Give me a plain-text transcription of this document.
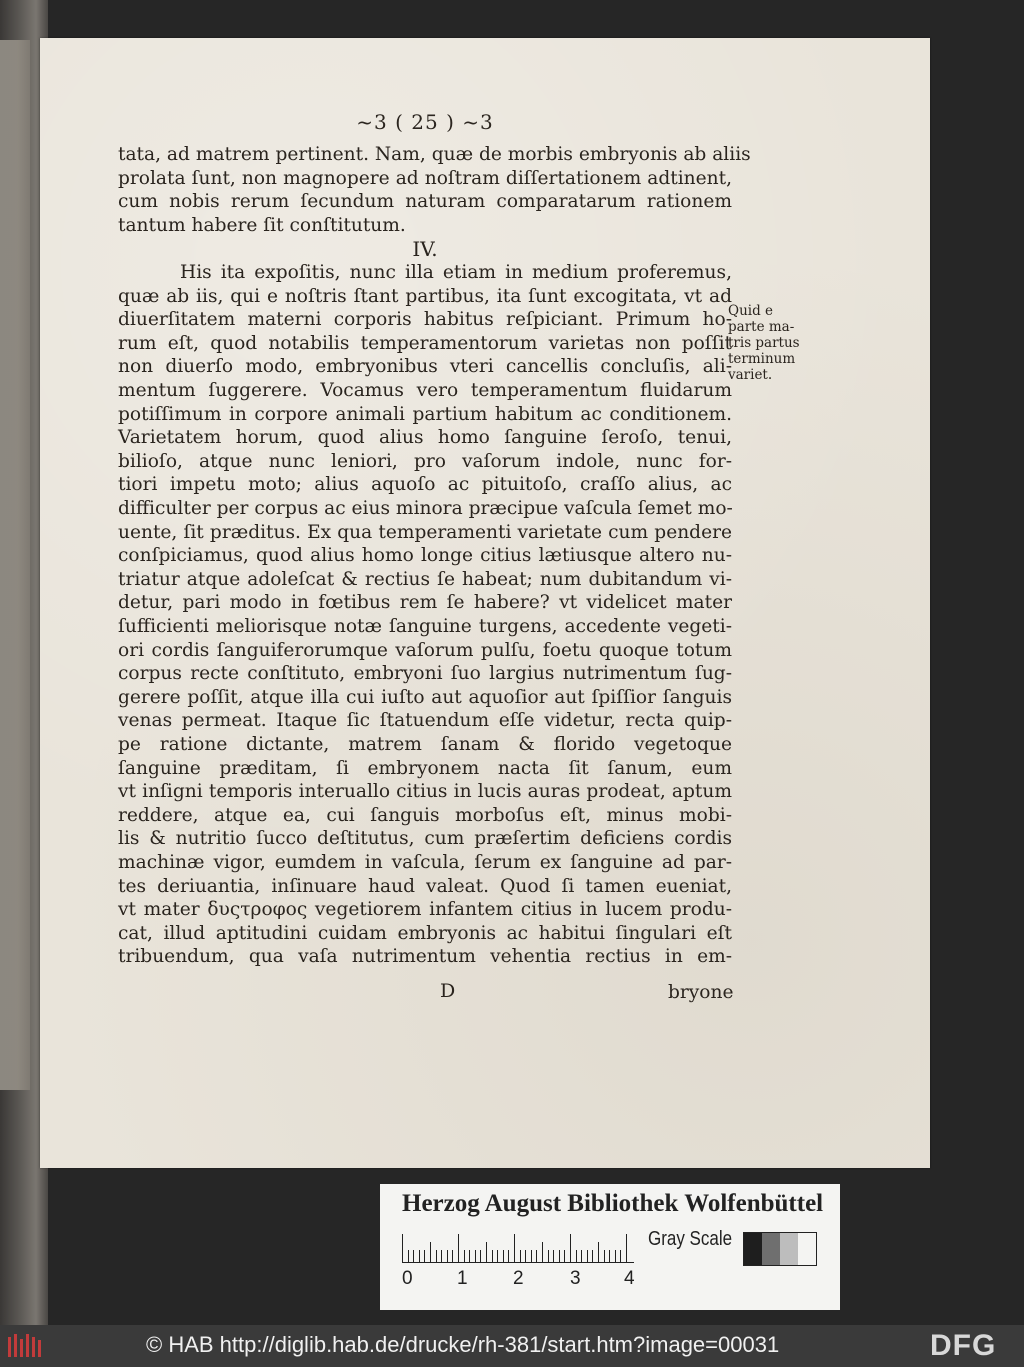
~3 ( 25 ) ~3
tata, ad matrem pertinent. Nam, quæ de morbis embryonis ab aliis
prolata ſunt, non magnopere ad noſtram diſſertationem adtinent,
cum nobis rerum ſecundum naturam comparatarum rationem
tantum habere ſit conſtitutum.
IV.
His ita expoſitis, nunc illa etiam in medium proferemus,
quæ ab iis, qui e noſtris ſtant partibus, ita ſunt excogitata, vt ad
diuerſitatem materni corporis habitus reſpiciant. Primum ho-
rum eſt, quod notabilis temperamentorum varietas non poſſit
non diuerſo modo, embryonibus vteri cancellis concluſis, ali-
mentum ſuggerere. Vocamus vero temperamentum fluidarum
potiſſimum in corpore animali partium habitum ac conditionem.
Varietatem horum, quod alius homo ſanguine ſeroſo, tenui,
bilioſo, atque nunc leniori, pro vaſorum indole, nunc for-
tiori impetu moto; alius aquoſo ac pituitoſo, craſſo alius, ac
difficulter per corpus ac eius minora præcipue vaſcula ſemet mo-
uente, ſit præditus. Ex qua temperamenti varietate cum pendere
conſpiciamus, quod alius homo longe citius lætiusque altero nu-
triatur atque adoleſcat & rectius ſe habeat; num dubitandum vi-
detur, pari modo in fœtibus rem ſe habere? vt videlicet mater
ſufficienti meliorisque notæ ſanguine turgens, accedente vegeti-
ori cordis ſanguiferorumque vaſorum pulſu, foetu quoque totum
corpus recte conſtituto, embryoni ſuo largius nutrimentum ſug-
gerere poſſit, atque illa cui iuſto aut aquoſior aut ſpiſſior ſanguis
venas permeat. Itaque ſic ſtatuendum eſſe videtur, recta quip-
pe ratione dictante, matrem ſanam & florido vegetoque
ſanguine præditam, ſi embryonem nacta ſit ſanum, eum
vt inſigni temporis interuallo citius in lucis auras prodeat, aptum
reddere, atque ea, cui ſanguis morboſus eſt, minus mobi-
lis & nutritio ſucco deſtitutus, cum præſertim deficiens cordis
machinæ vigor, eumdem in vaſcula, ſerum ex ſanguine ad par-
tes deriuantia, inſinuare haud valeat. Quod ſi tamen eueniat,
vt mater δυςτροφος vegetiorem infantem citius in lucem produ-
cat, illud aptitudini cuidam embryonis ac habitui ſingulari eſt
tribuendum, qua vaſa nutrimentum vehentia rectius in em-
Quid e
parte ma-
tris partus
terminum
variet.
D	bryone
Herzog August Bibliothek Wolfenbüttel
0 1 2 3 4
Gray Scale
© HAB http://diglib.hab.de/drucke/rh-381/start.htm?image=00031	DFG
